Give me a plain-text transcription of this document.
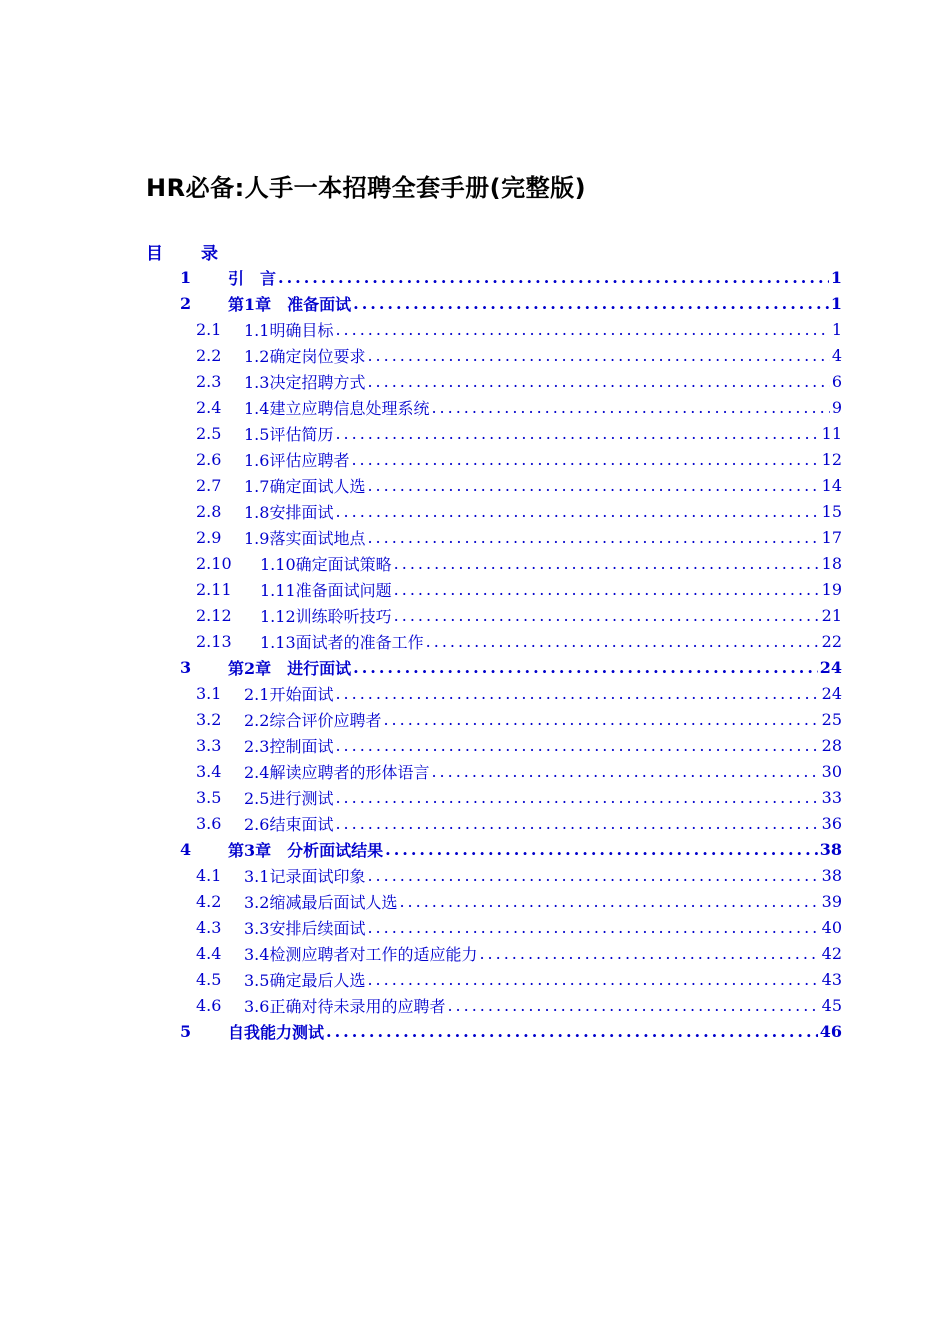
HR必备:人手一本招聘全套手册(完整版)
目 录
1	引　言 .....	1
2	第1章　准备面试 .....	1
2.1	1.1明确目标 .....	1
2.2	1.2确定岗位要求 .....	4
2.3	1.3决定招聘方式 .....	6
2.4	1.4建立应聘信息处理系统 .....	9
2.5	1.5评估简历 .....	11
2.6	1.6评估应聘者 .....	12
2.7	1.7确定面试人选 .....	14
2.8	1.8安排面试 .....	15
2.9	1.9落实面试地点 .....	17
2.10	1.10确定面试策略 .....	18
2.11	1.11准备面试问题 .....	19
2.12	1.12训练聆听技巧 .....	21
2.13	1.13面试者的准备工作 .....	22
3	第2章　进行面试 .....	24
3.1	2.1开始面试 .....	24
3.2	2.2综合评价应聘者 .....	25
3.3	2.3控制面试 .....	28
3.4	2.4解读应聘者的形体语言 .....	30
3.5	2.5进行测试 .....	33
3.6	2.6结束面试 .....	36
4	第3章　分析面试结果 .....	38
4.1	3.1记录面试印象 .....	38
4.2	3.2缩减最后面试人选 .....	39
4.3	3.3安排后续面试 .....	40
4.4	3.4检测应聘者对工作的适应能力 .....	42
4.5	3.5确定最后人选 .....	43
4.6	3.6正确对待未录用的应聘者 .....	45
5	自我能力测试 .....	46
